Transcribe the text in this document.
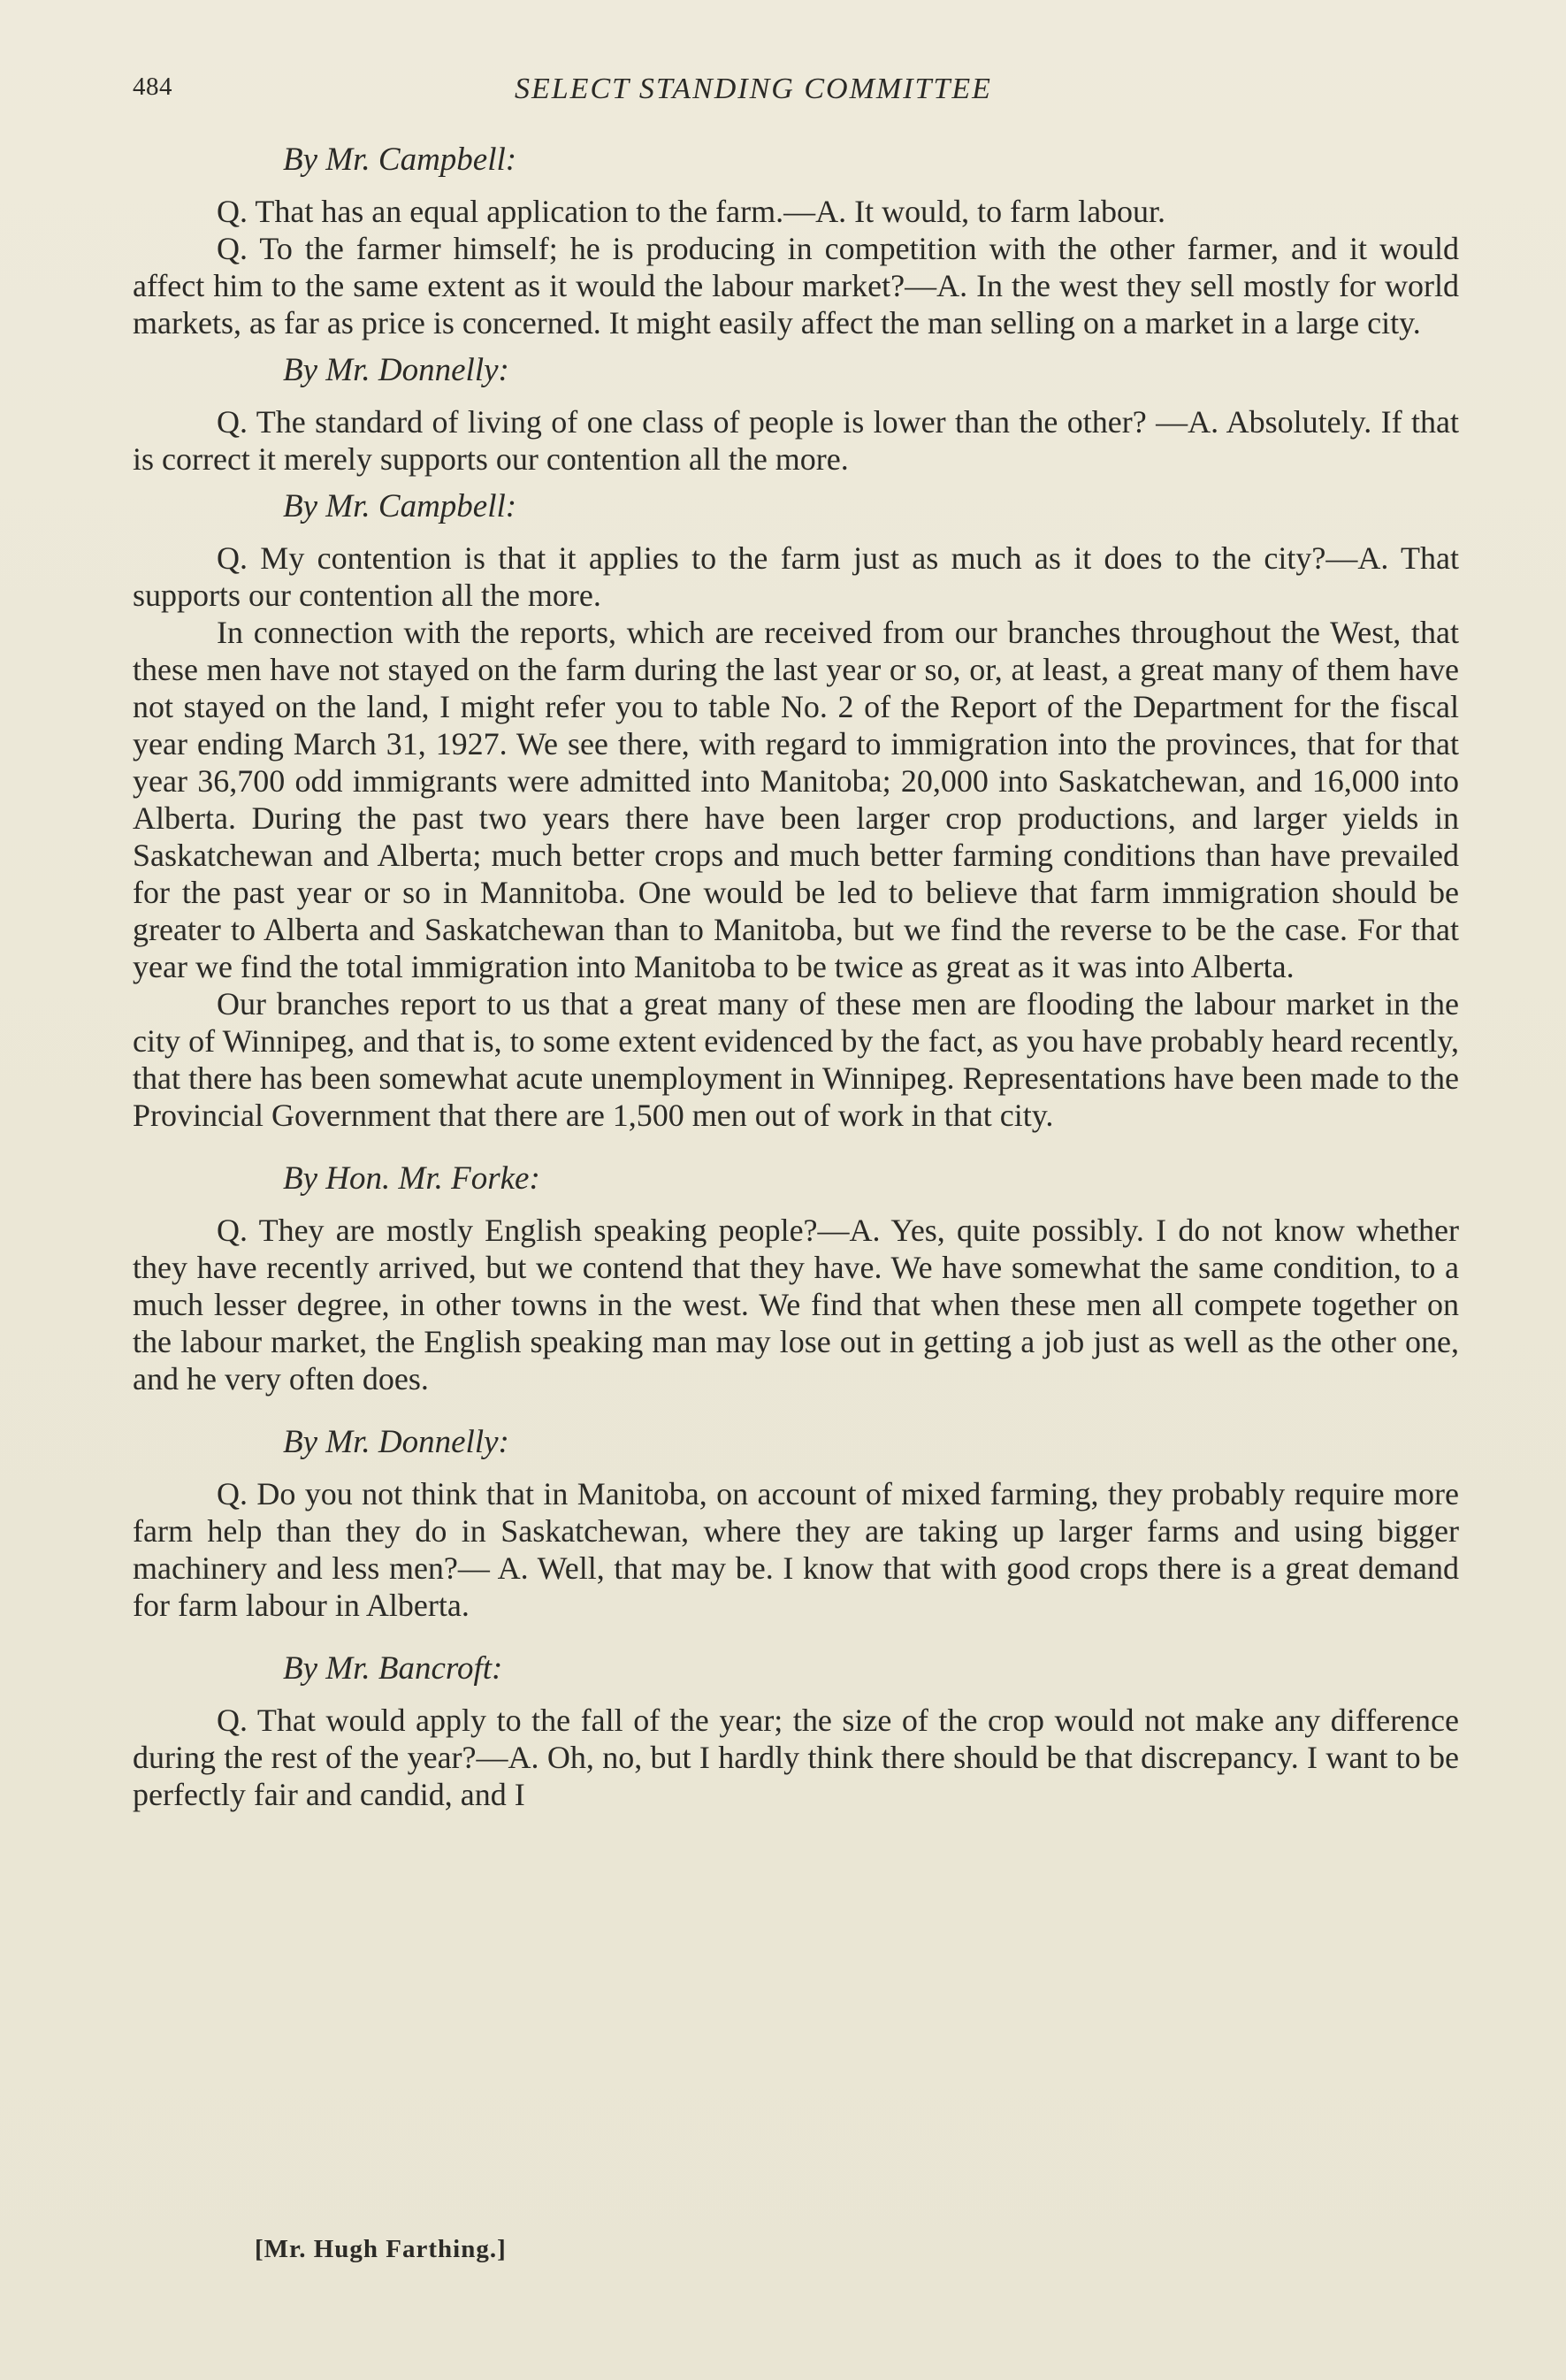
484	SELECT STANDING COMMITTEE
By Mr. Campbell:

Q. That has an equal application to the farm.—A. It would, to farm labour.

Q. To the farmer himself; he is producing in competition with the other farmer, and it would affect him to the same extent as it would the labour market?—A. In the west they sell mostly for world markets, as far as price is concerned. It might easily affect the man selling on a market in a large city.

By Mr. Donnelly:

Q. The standard of living of one class of people is lower than the other? —A. Absolutely. If that is correct it merely supports our contention all the more.

By Mr. Campbell:

Q. My contention is that it applies to the farm just as much as it does to the city?—A. That supports our contention all the more.

In connection with the reports, which are received from our branches throughout the West, that these men have not stayed on the farm during the last year or so, or, at least, a great many of them have not stayed on the land, I might refer you to table No. 2 of the Report of the Department for the fiscal year ending March 31, 1927. We see there, with regard to immigration into the provinces, that for that year 36,700 odd immigrants were admitted into Manitoba; 20,000 into Saskatchewan, and 16,000 into Alberta. During the past two years there have been larger crop productions, and larger yields in Saskatchewan and Alberta; much better crops and much better farming conditions than have prevailed for the past year or so in Mannitoba. One would be led to believe that farm immigration should be greater to Alberta and Saskatchewan than to Manitoba, but we find the reverse to be the case. For that year we find the total immigration into Manitoba to be twice as great as it was into Alberta.

Our branches report to us that a great many of these men are flooding the labour market in the city of Winnipeg, and that is, to some extent evidenced by the fact, as you have probably heard recently, that there has been somewhat acute unemployment in Winnipeg. Representations have been made to the Provincial Government that there are 1,500 men out of work in that city.

By Hon. Mr. Forke:

Q. They are mostly English speaking people?—A. Yes, quite possibly. I do not know whether they have recently arrived, but we contend that they have. We have somewhat the same condition, to a much lesser degree, in other towns in the west. We find that when these men all compete together on the labour market, the English speaking man may lose out in getting a job just as well as the other one, and he very often does.

By Mr. Donnelly:

Q. Do you not think that in Manitoba, on account of mixed farming, they probably require more farm help than they do in Saskatchewan, where they are taking up larger farms and using bigger machinery and less men?— A. Well, that may be. I know that with good crops there is a great demand for farm labour in Alberta.

By Mr. Bancroft:

Q. That would apply to the fall of the year; the size of the crop would not make any difference during the rest of the year?—A. Oh, no, but I hardly think there should be that discrepancy. I want to be perfectly fair and candid, and I

[Mr. Hugh Farthing.]
